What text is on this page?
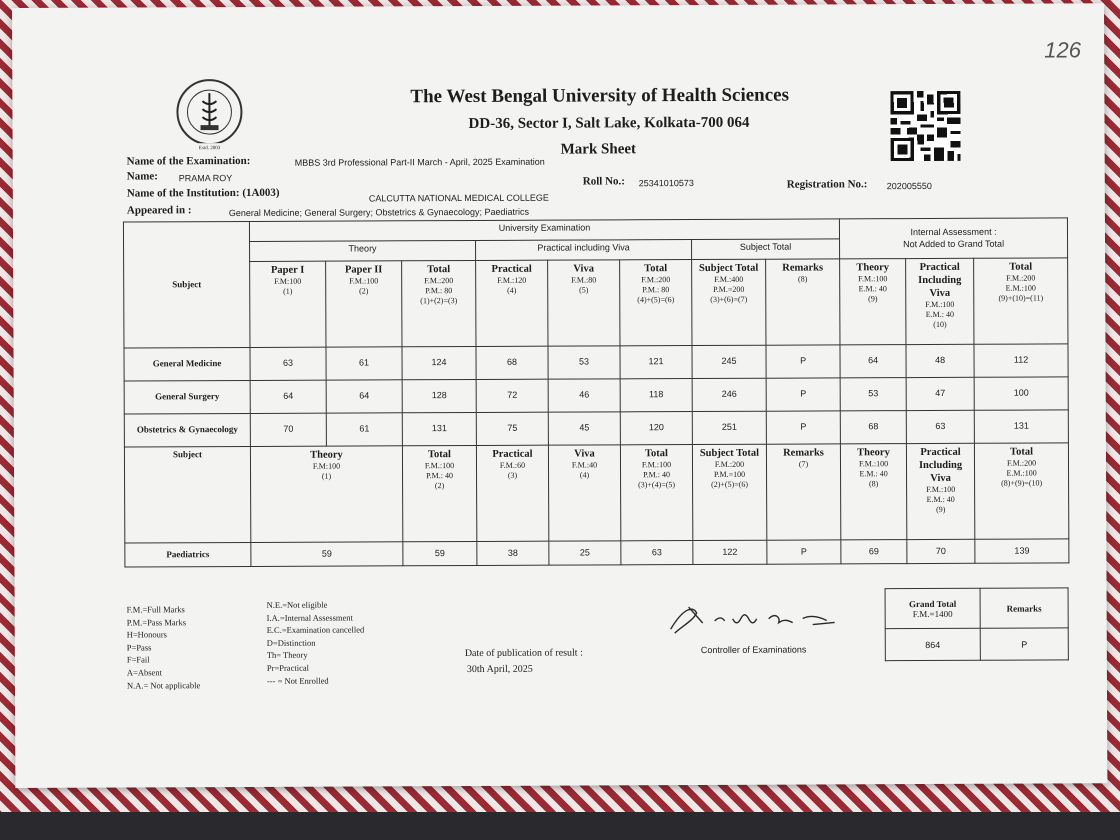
126
Estd. 2003
The West Bengal University of Health Sciences
DD-36, Sector I, Salt Lake, Kolkata-700 064
Mark Sheet
Name of the Examination:	MBBS 3rd Professional Part-II March - April, 2025 Examination
Name: PRAMA ROY	Roll No.: 25341010573	Registration No.: 202005550
Name of the Institution: (1A003)	CALCUTTA NATIONAL MEDICAL COLLEGE
Appeared in :	General Medicine; General Surgery; Obstetrics & Gynaecology; Paediatrics
Subject	University Examination								Internal Assessment :
Not Added to Grand Total		
	Theory			Practical including Viva			Subject Total				

	Paper I
F.M:100
(1)	Paper II
F.M.:100
(2)	Total
F.M.:200
P.M.: 80
(1)+(2)=(3)	Practical
F.M.:120
(4)	Viva
F.M.:80
(5)	Total
F.M.:200
P.M.: 80
(4)+(5)=(6)	Subject Total
F.M.:400
P.M.=200
(3)+(6)=(7)	Remarks
(8)	Theory
F.M.:100
E.M.: 40
(9)	Practical Including Viva
F.M.:100
E.M.: 40
(10)	Total
F.M.:200
E.M.:100
(9)+(10)=(11)

General Medicine	63	61	124	68	53	121	245	P	64	48	112
General Surgery	64	64	128	72	46	118	246	P	53	47	100
Obstetrics & Gynaecology	70	61	131	75	45	120	251	P	68	63	131
Subject	Theory
F.M:100
(1)		Total
F.M.:100
P.M.: 40
(2)	Practical
F.M.:60
(3)	Viva
F.M.:40
(4)	Total
F.M.:100
P.M.: 40
(3)+(4)=(5)	Subject Total
F.M.:200
P.M.=100
(2)+(5)=(6)	Remarks
(7)	Theory
F.M.:100
E.M.: 40
(8)	Practical Including Viva
F.M.:100
E.M.: 40
(9)	Total
F.M.:200
E.M.:100
(8)+(9)=(10)

Paediatrics	59		59	38	25	63	122	P	69	70	139
F.M.=Full Marks
P.M.=Pass Marks
H=Honours
P=Pass
F=Fail
A=Absent
N.A.= Not applicable
N.E.=Not eligible
I.A.=Internal Assessment
E.C.=Examination cancelled
D=Distinction
Th= Theory
Pr=Practical
--- = Not Enrolled
Date of publication of result :
30th April, 2025
Controller of Examinations
Grand Total
F.M.=1400	Remarks
864	P
